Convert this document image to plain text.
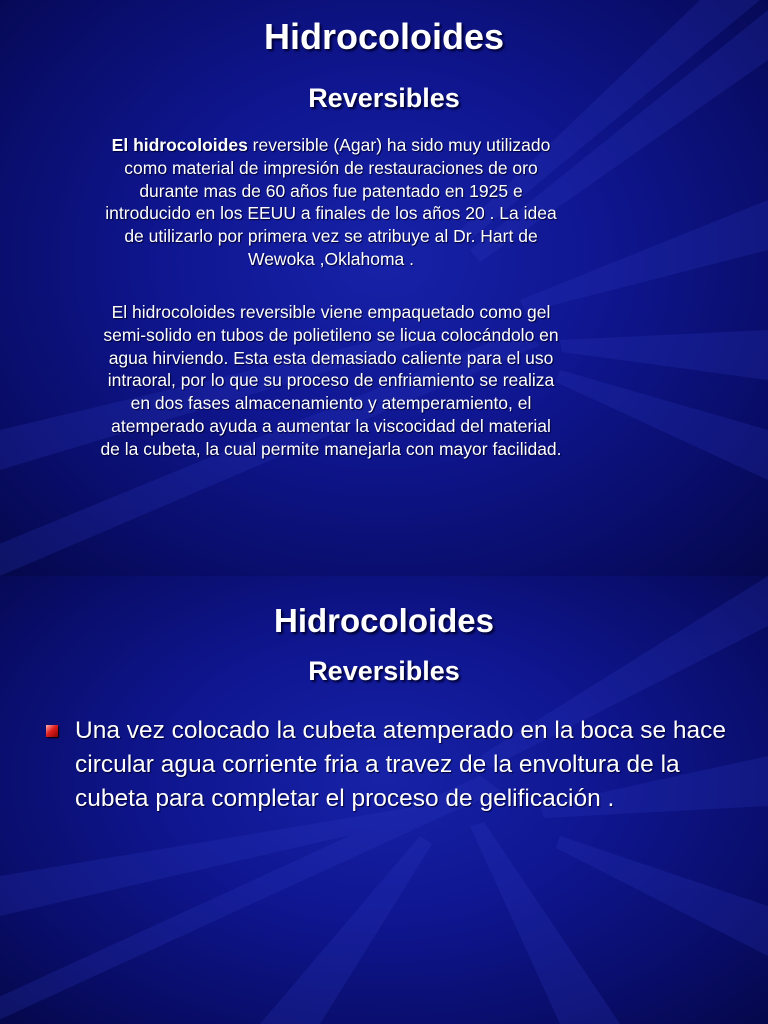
Hidrocoloides
Reversibles
El hidrocoloides reversible (Agar) ha sido muy utilizado como material de impresión de restauraciones de oro durante mas de 60 años fue patentado en 1925 e introducido en los EEUU a finales de los años 20 . La idea de utilizarlo por primera vez se atribuye al Dr. Hart de Wewoka ,Oklahoma .
El hidrocoloides reversible viene empaquetado como gel semi-solido en tubos de polietileno se licua colocándolo en agua hirviendo. Esta esta demasiado caliente para el uso intraoral, por lo que su proceso de enfriamiento se realiza en dos fases almacenamiento y atemperamiento, el atemperado ayuda a aumentar la viscocidad del material de la cubeta, la cual permite manejarla con mayor facilidad.
Hidrocoloides
Reversibles
Una vez colocado la cubeta atemperado en la boca se hace circular agua corriente fria a travez de la envoltura de la cubeta para completar el proceso de gelificación .
